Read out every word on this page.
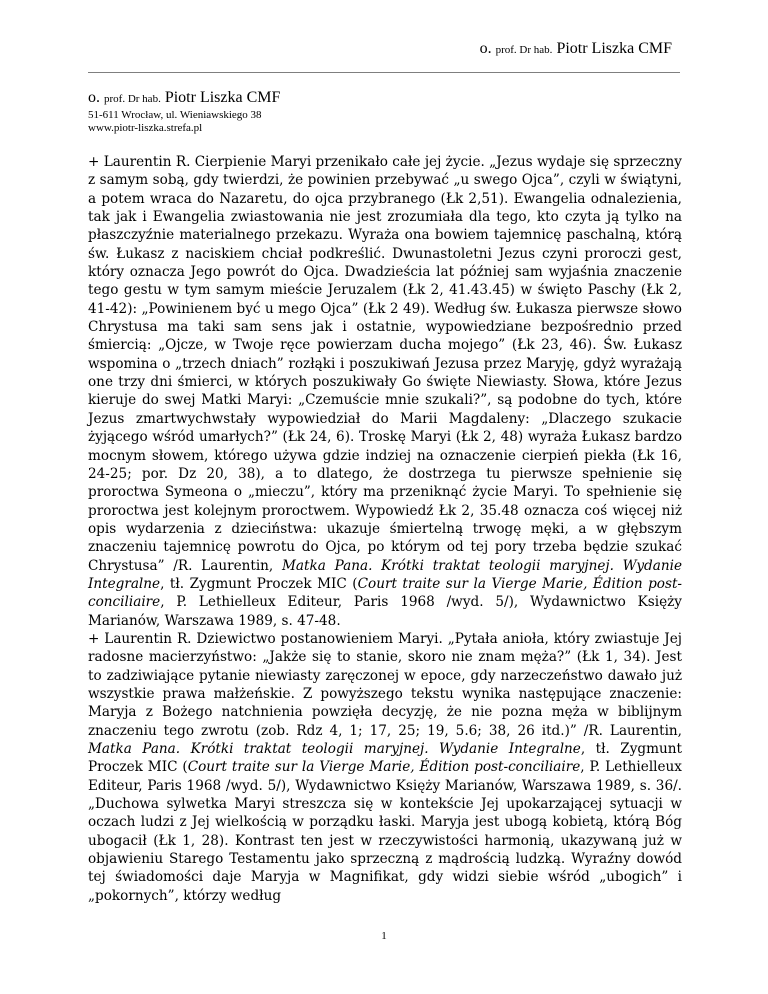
o. prof. Dr hab. Piotr Liszka CMF
o. prof. Dr hab. Piotr Liszka CMF
51-611 Wrocław, ul. Wieniawskiego 38
www.piotr-liszka.strefa.pl

+ Laurentin R. Cierpienie Maryi przenikało całe jej życie. „Jezus wydaje się sprzeczny z samym sobą, gdy twierdzi, że powinien przebywać „u swego Ojca”, czyli w świątyni, a potem wraca do Nazaretu, do ojca przybranego (Łk 2,51). Ewangelia odnalezienia, tak jak i Ewangelia zwiastowania nie jest zrozumiała dla tego, kto czyta ją tylko na płaszczyźnie materialnego przekazu. Wyraża ona bowiem tajemnicę paschalną, którą św. Łukasz z naciskiem chciał podkreślić. Dwunastoletni Jezus czyni proroczi gest, który oznacza Jego powrót do Ojca. Dwadzieścia lat później sam wyjaśnia znaczenie tego gestu w tym samym mieście Jeruzalem (Łk 2, 41.43.45) w święto Paschy (Łk 2, 41-42): „Powinienem być u mego Ojca” (Łk 2 49). Według św. Łukasza pierwsze słowo Chrystusa ma taki sam sens jak i ostatnie, wypowiedziane bezpośrednio przed śmiercią: „Ojcze, w Twoje ręce powierzam ducha mojego” (Łk 23, 46). Św. Łukasz wspomina o „trzech dniach” rozłąki i poszukiwań Jezusa przez Maryję, gdyż wyrażają one trzy dni śmierci, w których poszukiwały Go święte Niewiasty. Słowa, które Jezus kieruje do swej Matki Maryi: „Czemuście mnie szukali?”, są podobne do tych, które Jezus zmartwychwstały wypowiedział do Marii Magdaleny: „Dlaczego szukacie żyjącego wśród umarłych?” (Łk 24, 6). Troskę Maryi (Łk 2, 48) wyraża Łukasz bardzo mocnym słowem, którego używa gdzie indziej na oznaczenie cierpień piekła (Łk 16, 24-25; por. Dz 20, 38), a to dlatego, że dostrzega tu pierwsze spełnienie się proroctwa Symeona o „mieczu”, który ma przeniknąć życie Maryi. To spełnienie się proroctwa jest kolejnym proroctwem. Wypowiedź Łk 2, 35.48 oznacza coś więcej niż opis wydarzenia z dzieciństwa: ukazuje śmiertelną trwogę męki, a w głębszym znaczeniu tajemnicę powrotu do Ojca, po którym od tej pory trzeba będzie szukać Chrystusa” /R. Laurentin, Matka Pana. Krótki traktat teologii maryjnej. Wydanie Integralne, tł. Zygmunt Proczek MIC (Court traite sur la Vierge Marie, Édition post-conciliaire, P. Lethielleux Editeur, Paris 1968 /wyd. 5/), Wydawnictwo Księży Marianów, Warszawa 1989, s. 47-48.

+ Laurentin R. Dziewictwo postanowieniem Maryi. „Pytała anioła, który zwiastuje Jej radosne macierzyństwo: „Jakże się to stanie, skoro nie znam męża?” (Łk 1, 34). Jest to zadziwiające pytanie niewiasty zaręczonej w epoce, gdy narzeczeństwo dawało już wszystkie prawa małżeńskie. Z powyższego tekstu wynika następujące znaczenie: Maryja z Bożego natchnienia powzięła decyzję, że nie pozna męża w biblijnym znaczeniu tego zwrotu (zob. Rdz 4, 1; 17, 25; 19, 5.6; 38, 26 itd.)” /R. Laurentin, Matka Pana. Krótki traktat teologii maryjnej. Wydanie Integralne, tł. Zygmunt Proczek MIC (Court traite sur la Vierge Marie, Édition post-conciliaire, P. Lethielleux Editeur, Paris 1968 /wyd. 5/), Wydawnictwo Księży Marianów, Warszawa 1989, s. 36/. „Duchowa sylwetka Maryi streszcza się w kontekście Jej upokarzającej sytuacji w oczach ludzi z Jej wielkością w porządku łaski. Maryja jest ubogą kobietą, którą Bóg ubogacił (Łk 1, 28). Kontrast ten jest w rzeczywistości harmonią, ukazywaną już w objawieniu Starego Testamentu jako sprzeczną z mądrością ludzką. Wyraźny dowód tej świadomości daje Maryja w Magnifikat, gdy widzi siebie wśród „ubogich” i „pokornych”, którzy według

1
